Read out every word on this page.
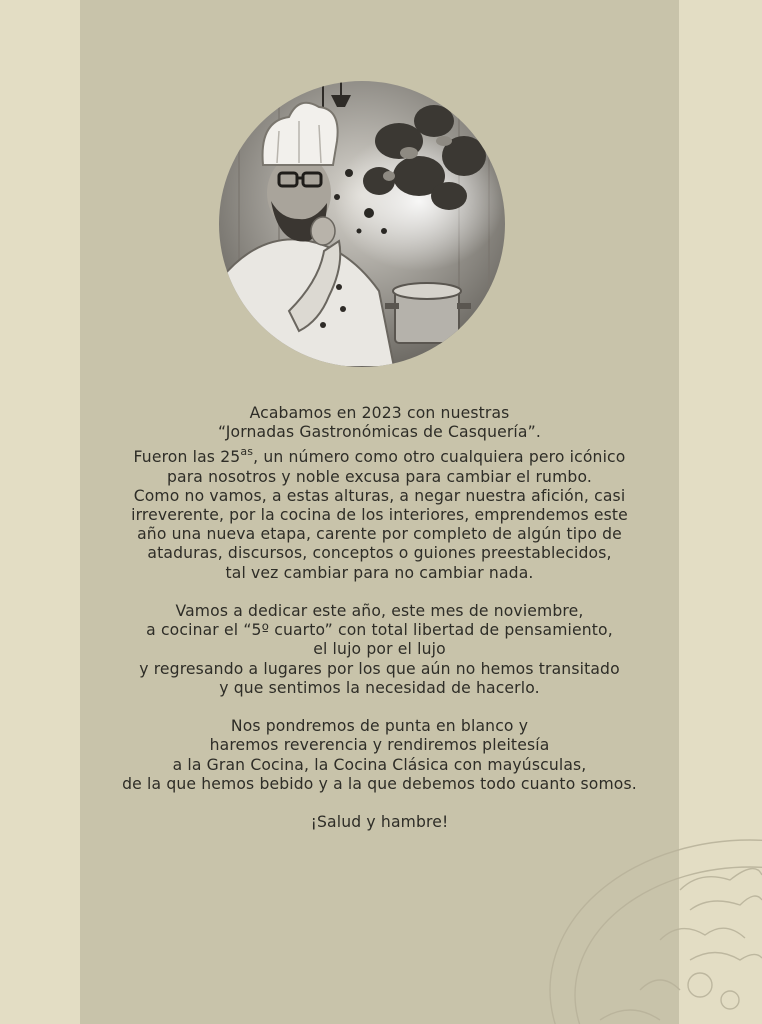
Acabamos en 2023 con nuestras
“Jornadas Gastronómicas de Casquería”.
Fueron las $25^{as}$, un número como otro cualquiera pero icónico
para nosotros y noble excusa para cambiar el rumbo.
Como no vamos, a estas alturas, a negar nuestra afición, casi
irreverente, por la cocina de los interiores, emprendemos este
año una nueva etapa, carente por completo de algún tipo de
ataduras, discursos, conceptos o guiones preestablecidos,
tal vez cambiar para no cambiar nada.
Vamos a dedicar este año, este mes de noviembre,
a cocinar el “5º cuarto” con total libertad de pensamiento,
el lujo por el lujo
y regresando a lugares por los que aún no hemos transitado
y que sentimos la necesidad de hacerlo.
Nos pondremos de punta en blanco y
haremos reverencia y rendiremos pleitesía
a la Gran Cocina, la Cocina Clásica con mayúsculas,
de la que hemos bebido y a la que debemos todo cuanto somos.
¡Salud y hambre!
